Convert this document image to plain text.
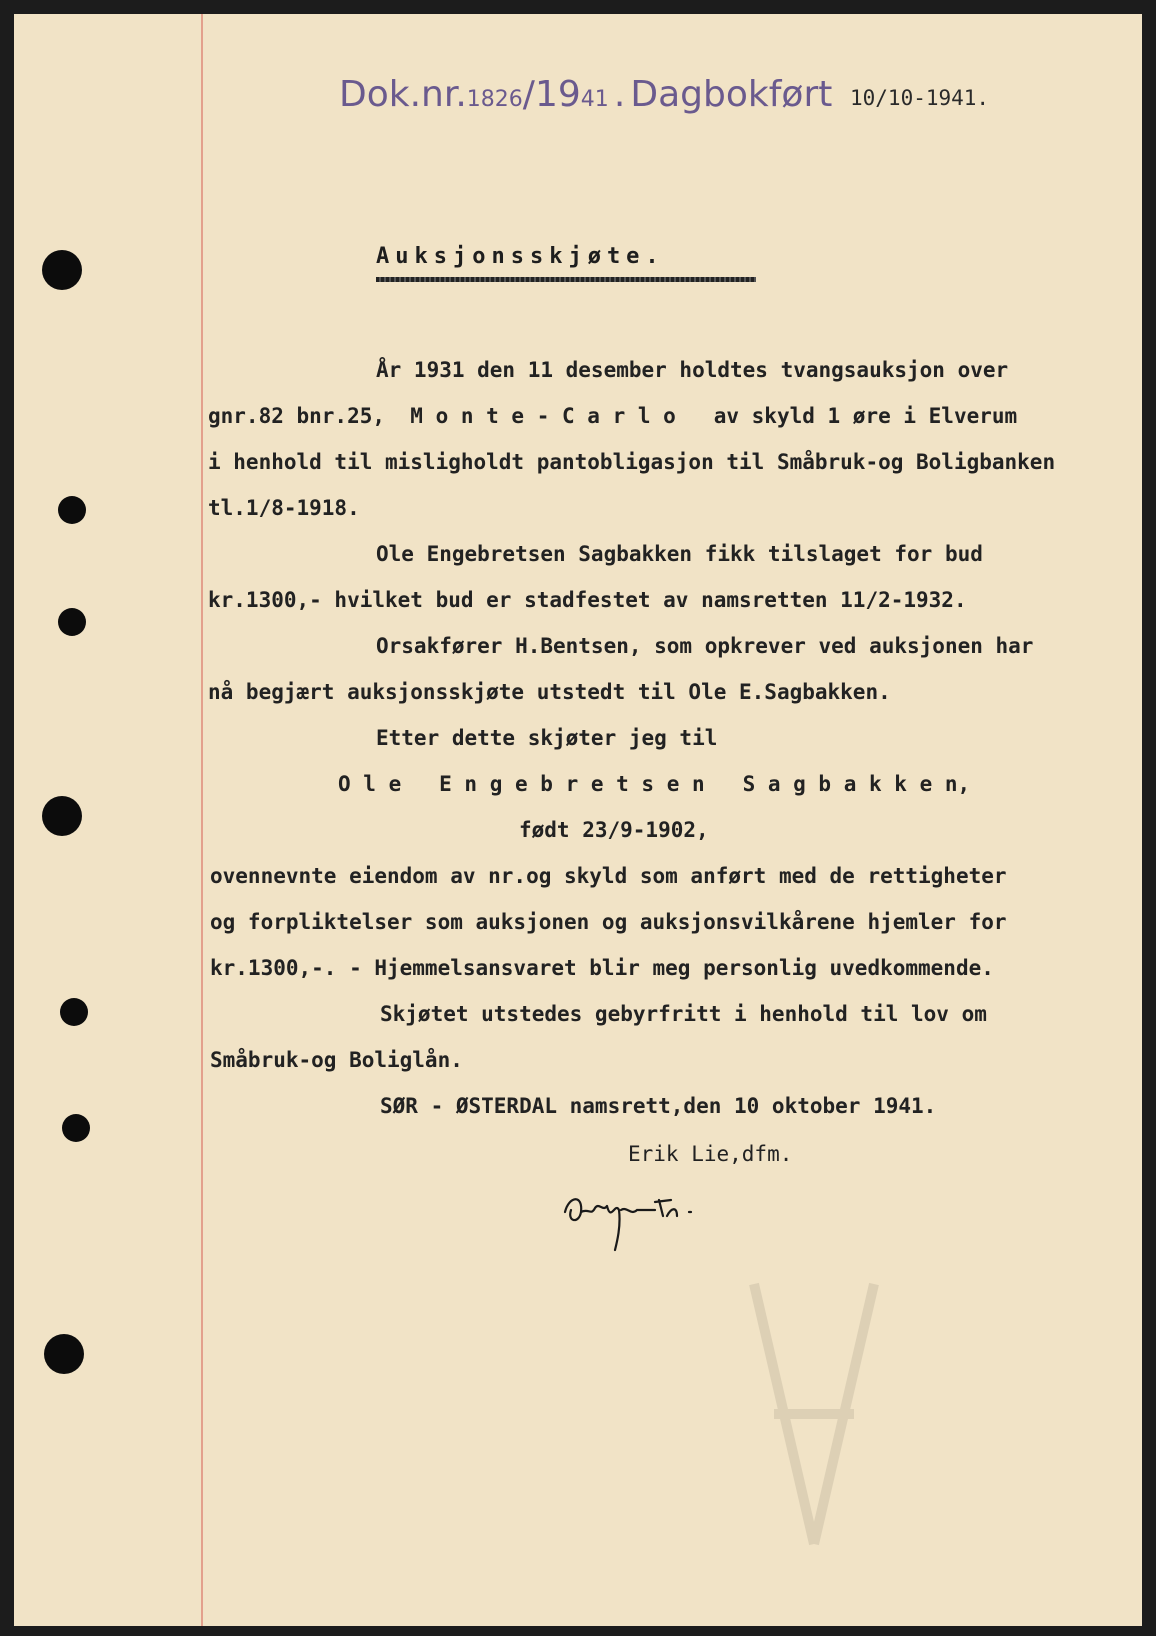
Dok.nr.1826/1941 . Dagbokført 10/10-1941.
Auksjonsskjøte.
År 1931 den 11 desember holdtes tvangsauksjon over
gnr.82 bnr.25,  M o n t e - C a r l o   av skyld 1 øre i Elverum
i henhold til misligholdt pantobligasjon til Småbruk-og Boligbanken
tl.1/8-1918.
Ole Engebretsen Sagbakken fikk tilslaget for bud
kr.1300,- hvilket bud er stadfestet av namsretten 11/2-1932.
Orsakfører H.Bentsen, som opkrever ved auksjonen har
nå begjært auksjonsskjøte utstedt til Ole E.Sagbakken.
Etter dette skjøter jeg til
O l e   E n g e b r e t s e n   S a g b a k k e n,
født 23/9-1902,
ovennevnte eiendom av nr.og skyld som anført med de rettigheter
og forpliktelser som auksjonen og auksjonsvilkårene hjemler for
kr.1300,-. - Hjemmelsansvaret blir meg personlig uvedkommende.
Skjøtet utstedes gebyrfritt i henhold til lov om
Småbruk-og Boliglån.
SØR - ØSTERDAL namsrett,den 10 oktober 1941.
Erik Lie,dfm.
